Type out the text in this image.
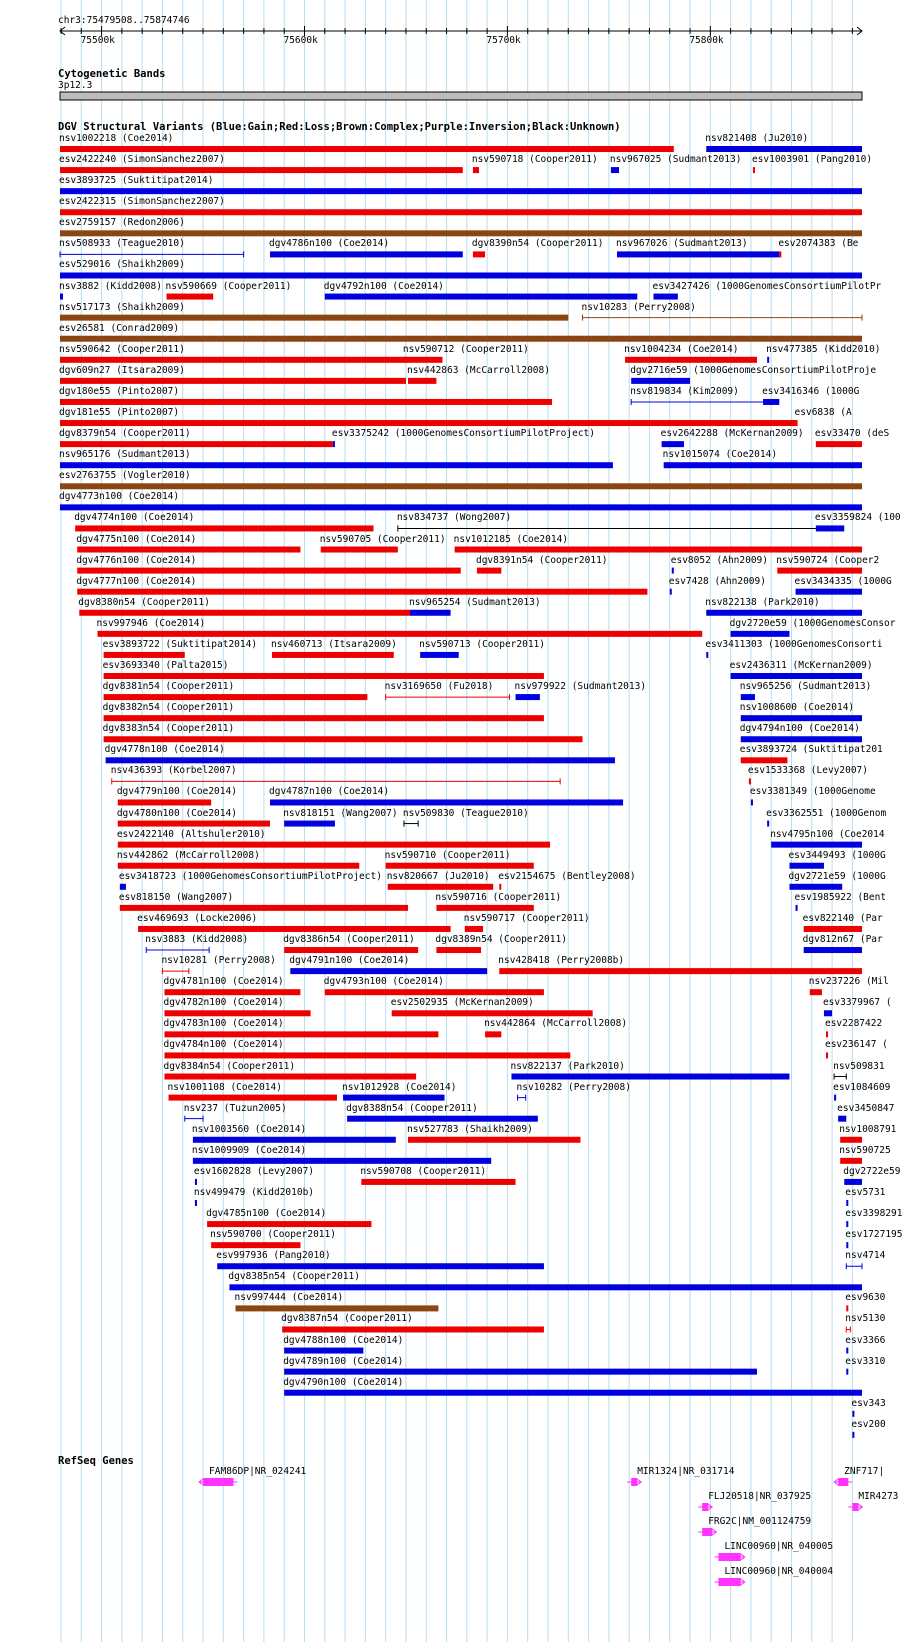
chr3:75479508..75874746
75500k	75600k	75700k	75800k
Cytogenetic Bands
3p12.3
DGV Structural Variants (Blue:Gain;Red:Loss;Brown:Complex;Purple:Inversion;Black:Unknown)
nsv1002218 (Coe2014)	nsv821408 (Ju2010)
esv2422240 (SimonSanchez2007)	nsv590718 (Cooper2011) nsv967025 (Sudmant2013) esv1003901 (Pang2010)
esv3893725 (Suktitipat2014)
esv2422315 (SimonSanchez2007)
esv2759157 (Redon2006)
nsv508933 (Teague2010)	dgv4786n100 (Coe2014)	dgv8390n54 (Cooper2011) nsv967026 (Sudmant2013)	esv2074383 (Be
esv529016 (Shaikh2009)
nsv3882 (Kidd2008) nsv590669 (Cooper2011)	dgv4792n100 (Coe2014)	esv3427426 (1000GenomesConsortiumPilotPr
nsv517173 (Shaikh2009)	nsv10283 (Perry2008)
esv26581 (Conrad2009)
nsv590642 (Cooper2011)	nsv590712 (Cooper2011)	nsv1004234 (Coe2014)	nsv477385 (Kidd2010)
dgv609n27 (Itsara2009)	nsv442863 (McCarroll2008)	dgv2716e59 (1000GenomesConsortiumPilotProje
dgv180e55 (Pinto2007)	nsv819834 (Kim2009) esv3416346 (1000G
dgv181e55 (Pinto2007)	esv6838 (A
dgv8379n54 (Cooper2011)	esv3375242 (1000GenomesConsortiumPilotProject)	esv2642288 (McKernan2009) esv33470 (deS
nsv965176 (Sudmant2013)	nsv1015074 (Coe2014)
esv2763755 (Vogler2010)
dgv4773n100 (Coe2014)
dgv4774n100 (Coe2014)	nsv834737 (Wong2007)	esv3359824 (100
dgv4775n100 (Coe2014)	nsv590705 (Cooper2011) nsv1012185 (Coe2014)
dgv4776n100 (Coe2014)	dgv8391n54 (Cooper2011)	esv8052 (Ahn2009) nsv590724 (Cooper2
dgv4777n100 (Coe2014)	esv7428 (Ahn2009)	esv3434335 (1000G
dgv8380n54 (Cooper2011)	nsv965254 (Sudmant2013)	nsv822138 (Park2010)
nsv997946 (Coe2014)	dgv2720e59 (1000GenomesConsor
esv3893722 (Suktitipat2014) nsv460713 (Itsara2009) nsv590713 (Cooper2011)	esv3411303 (1000GenomesConsorti
esv3693340 (Palta2015)	esv2436311 (McKernan2009)
dgv8381n54 (Cooper2011)	nsv3169650 (Fu2018) nsv979922 (Sudmant2013)	nsv965256 (Sudmant2013)
dgv8382n54 (Cooper2011)	nsv1008600 (Coe2014)
dgv8383n54 (Cooper2011)	dgv4794n100 (Coe2014)
dgv4778n100 (Coe2014)	esv3893724 (Suktitipat201
nsv436393 (Korbel2007)	esv1533368 (Levy2007)
dgv4779n100 (Coe2014)	dgv4787n100 (Coe2014)	esv3381349 (1000Genome
dgv4780n100 (Coe2014)	nsv818151 (Wang2007) nsv509830 (Teague2010)	esv3362551 (1000Genom
esv2422140 (Altshuler2010)	nsv4795n100 (Coe2014
nsv442862 (McCarroll2008)	nsv590710 (Cooper2011)	esv3449493 (1000G
esv3418723 (1000GenomesConsortiumPilotProject) nsv820667 (Ju2010) esv2154675 (Bentley2008)	dgv2721e59 (1000G
esv818150 (Wang2007)	nsv590716 (Cooper2011)	esv1985922 (Bent
esv469693 (Locke2006)	nsv590717 (Cooper2011)	esv822140 (Par
nsv3883 (Kidd2008)	dgv8386n54 (Cooper2011) dgv8389n54 (Cooper2011)	dgv812n67 (Par
nsv10281 (Perry2008) dgv4791n100 (Coe2014)	nsv428418 (Perry2008b)
dgv4781n100 (Coe2014)	dgv4793n100 (Coe2014)	nsv237226 (Mil
dgv4782n100 (Coe2014)	esv2502935 (McKernan2009)	esv3379967 (
dgv4783n100 (Coe2014)	nsv442864 (McCarroll2008)	esv2287422
dgv4784n100 (Coe2014)	esv236147 (
dgv8384n54 (Cooper2011)	nsv822137 (Park2010)	nsv509831
nsv1001108 (Coe2014)	nsv1012928 (Coe2014)	nsv10282 (Perry2008)	esv1084609
nsv237 (Tuzun2005)	dgv8388n54 (Cooper2011)	esv3450847
nsv1003560 (Coe2014)	nsv527783 (Shaikh2009)	nsv1008791
nsv1009909 (Coe2014)	nsv590725
esv1602828 (Levy2007)	nsv590708 (Cooper2011)	dgv2722e59
nsv499479 (Kidd2010b)	esv5731
dgv4785n100 (Coe2014)	esv3398291
nsv590700 (Cooper2011)	esv1727195
esv997936 (Pang2010)	nsv4714
dgv8385n54 (Cooper2011)
nsv997444 (Coe2014)	esv9630
dgv8387n54 (Cooper2011)	nsv5130
dgv4788n100 (Coe2014)	esv3366
dgv4789n100 (Coe2014)	esv3310
dgv4790n100 (Coe2014)
esv343
esv200
RefSeq Genes
FAM86DP|NR_024241	MIR1324|NR_031714	ZNF717|
FLJ20518|NR_037925	MIR4273
FRG2C|NM_001124759
LINC00960|NR_040005
LINC00960|NR_040004
